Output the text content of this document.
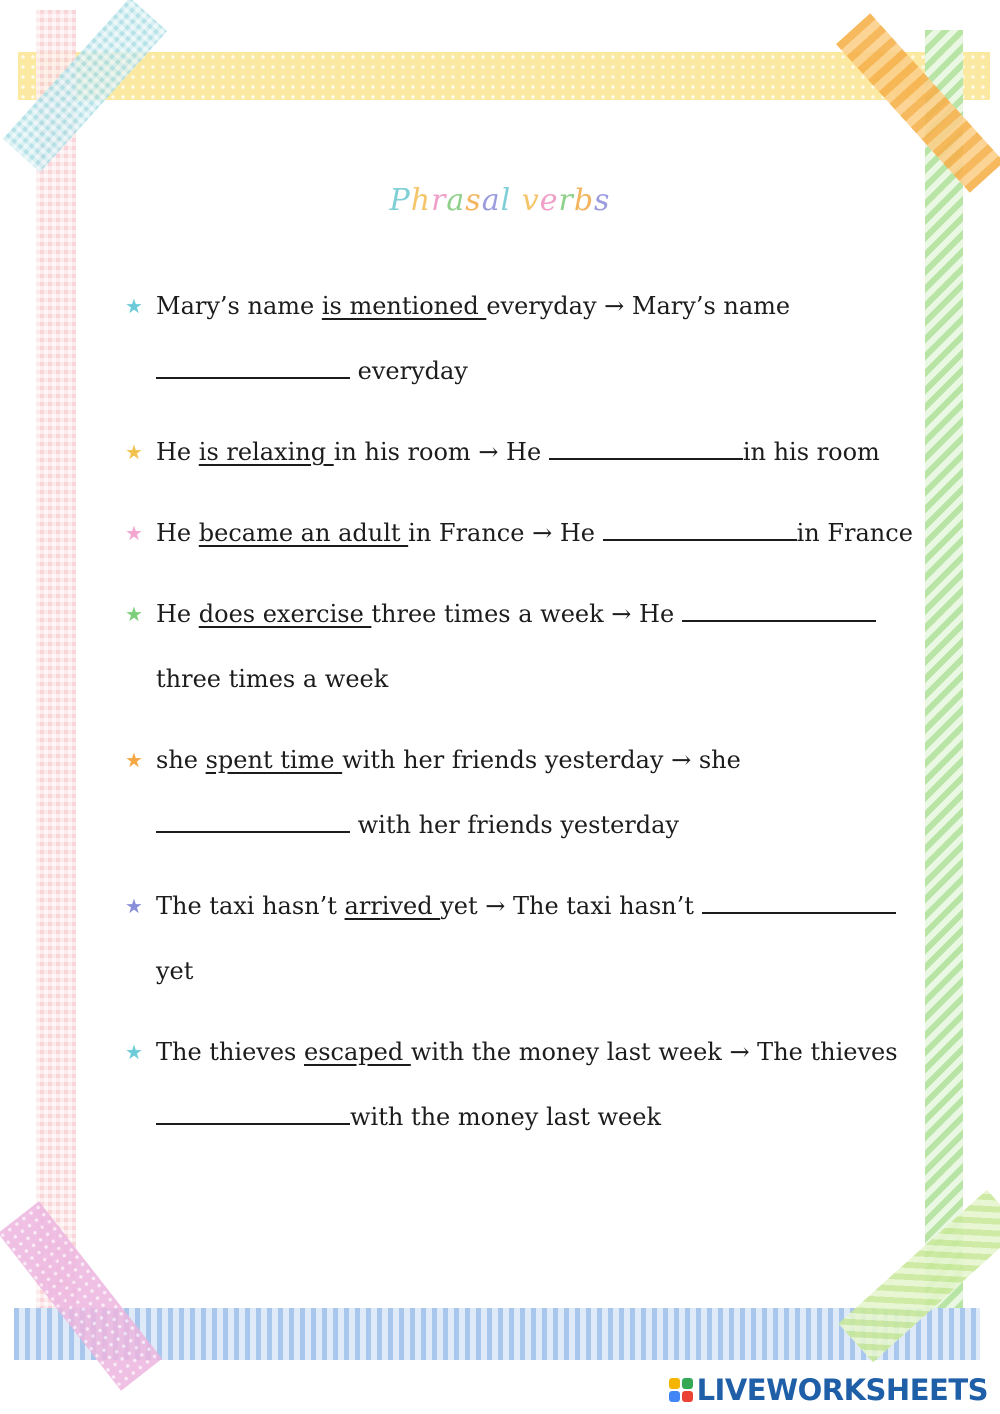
Phrasal verbs
★ Mary’s name is mentioned everyday → Mary’s name  everyday
★ He is relaxing in his room → He	in his room
★ He became an adult in France → He	in France
★ He does exercise three times a week → He  three times a week
★ she spent time with her friends yesterday → she  with her friends yesterday
★ The taxi hasn’t arrived yet → The taxi hasn’t yet
★ The thieves escaped with the money last week → The thieves with the money last week
LIVEWORKSHEETS
